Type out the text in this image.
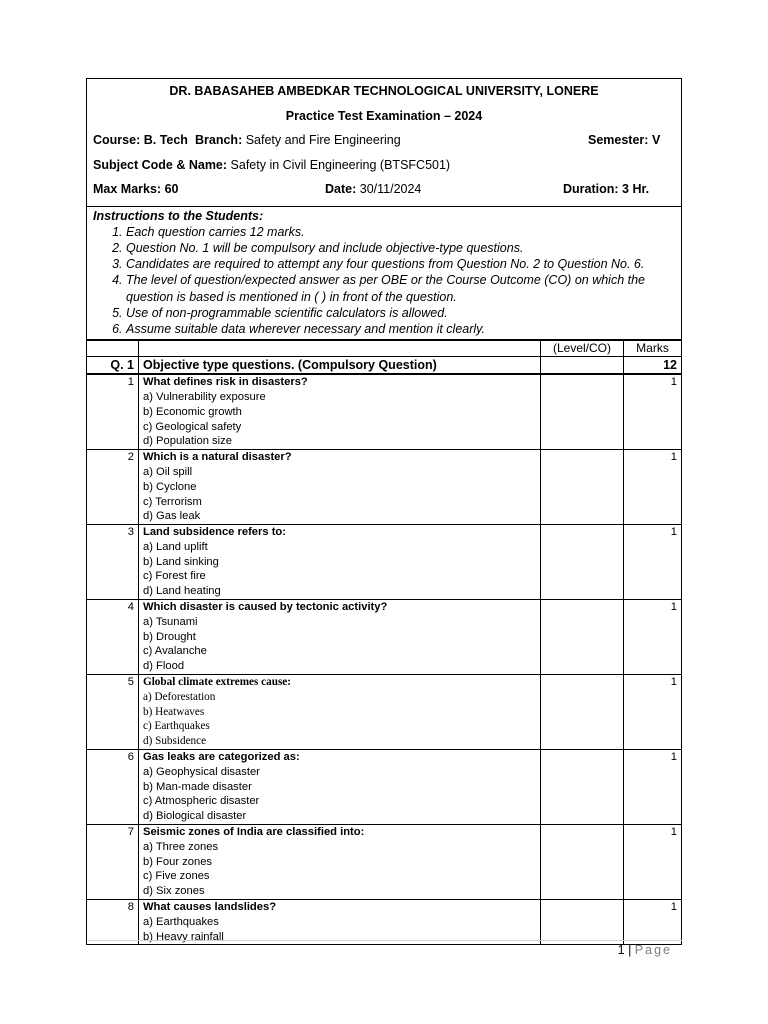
DR. BABASAHEB AMBEDKAR TECHNOLOGICAL UNIVERSITY, LONERE
Practice Test Examination – 2024
Course:
B. Tech Branch: Safety and Fire Engineering	Semester: V
Subject Code & Name:
Safety in Civil Engineering (BTSFC501)
Max Marks: 60	Date: 30/11/2024	Duration: 3 Hr.
Instructions to the Students:
1. Each question carries 12 marks.
2. Question No. 1 will be compulsory and include objective-type questions.
3. Candidates are required to attempt any four questions from Question No. 2 to Question No. 6.
4. The level of question/expected answer as per OBE or the Course Outcome (CO) on which the question is based is mentioned in ( ) in front of the question.
5. Use of non-programmable scientific calculators is allowed.
6. Assume suitable data wherever necessary and mention it clearly.
		(Level/CO)	Marks
Q. 1	Objective type questions. (Compulsory Question)		12
1	What defines risk in disasters?
a) Vulnerability exposure
b) Economic growth
c) Geological safety
d) Population size		1
2	Which is a natural disaster?
a) Oil spill
b) Cyclone
c) Terrorism
d) Gas leak		1
3	Land subsidence refers to:
a) Land uplift
b) Land sinking
c) Forest fire
d) Land heating		1
4	Which disaster is caused by tectonic activity?
a) Tsunami
b) Drought
c) Avalanche
d) Flood		1
5	Global climate extremes cause:
a) Deforestation
b) Heatwaves
c) Earthquakes
d) Subsidence		1
6	Gas leaks are categorized as:
a) Geophysical disaster
b) Man-made disaster
c) Atmospheric disaster
d) Biological disaster		1
7	Seismic zones of India are classified into:
a) Three zones
b) Four zones
c) Five zones
d) Six zones		1
8	What causes landslides?
a) Earthquakes
b) Heavy rainfall		1
1 | Page
